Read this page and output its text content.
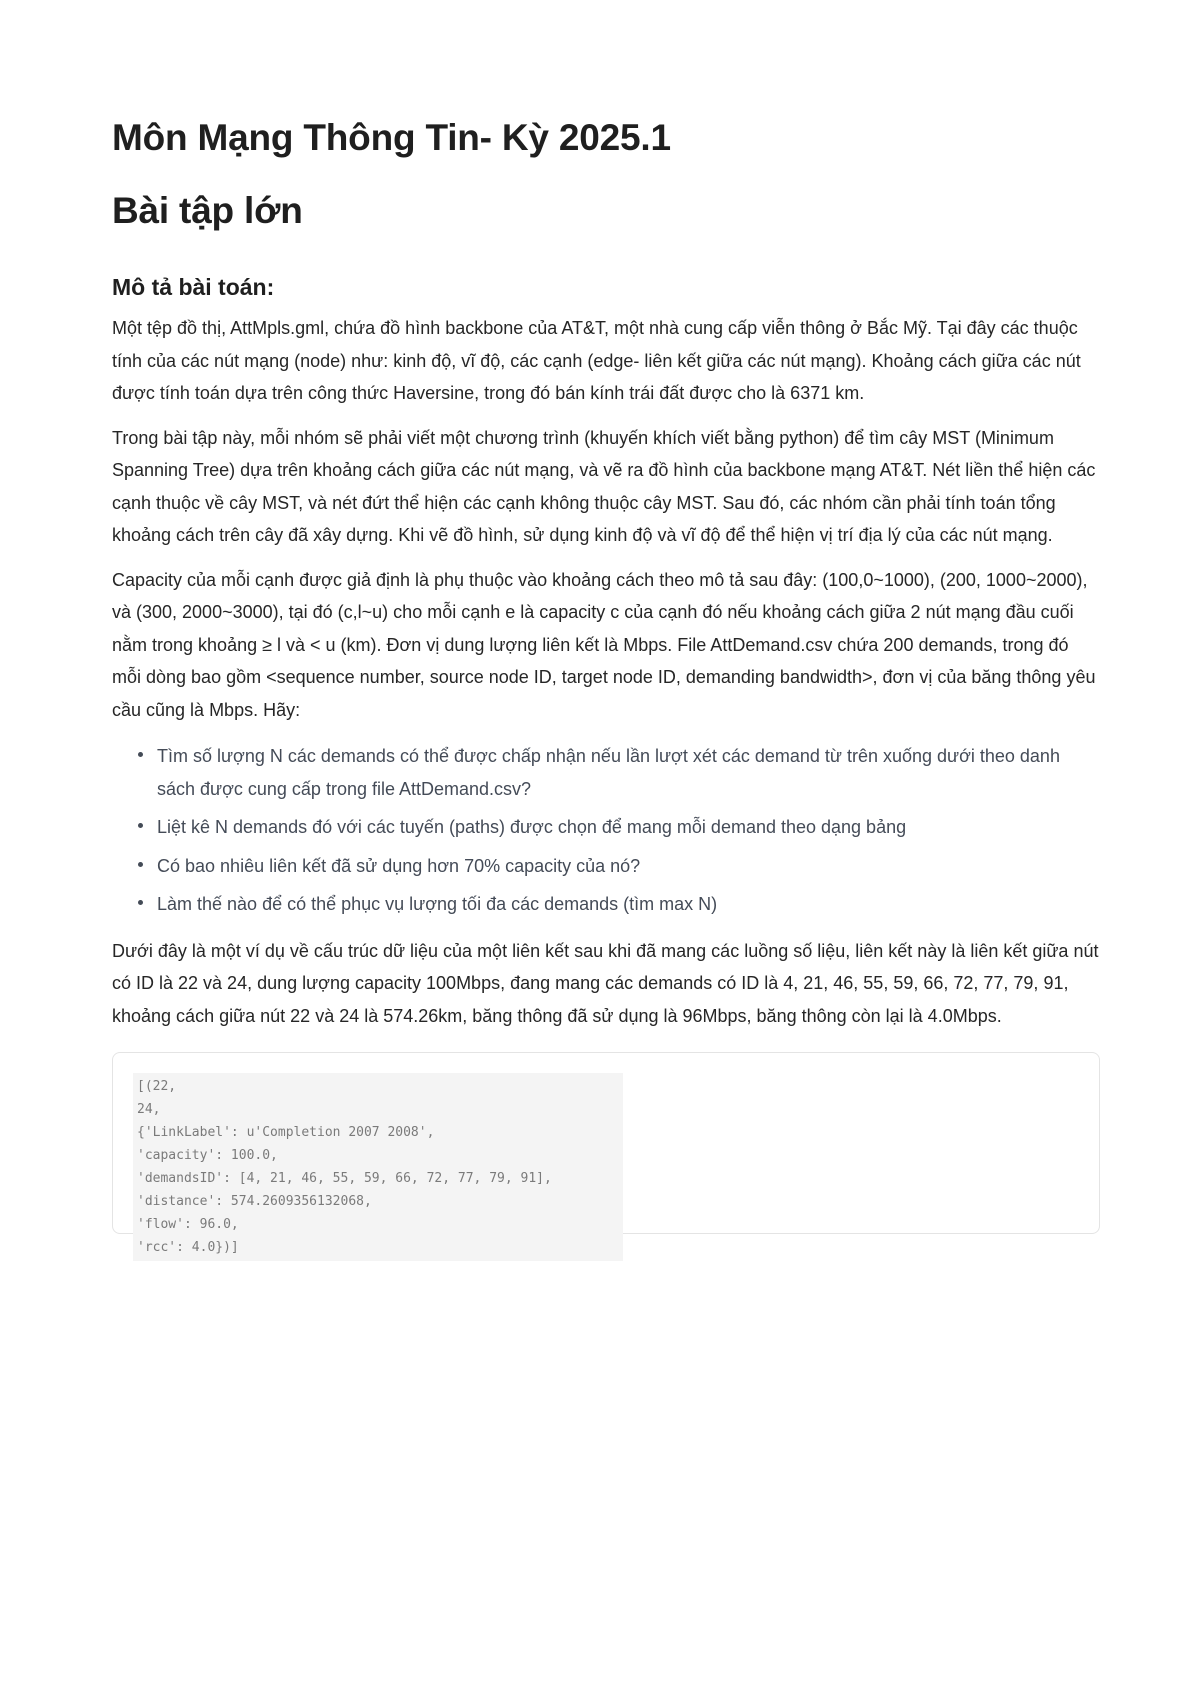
Môn Mạng Thông Tin- Kỳ 2025.1
Bài tập lớn
Mô tả bài toán:

Một tệp đồ thị, AttMpls.gml, chứa đồ hình backbone của AT&T, một nhà cung cấp viễn thông ở Bắc Mỹ. Tại đây các thuộc tính của các nút mạng (node) như: kinh độ, vĩ độ, các cạnh (edge- liên kết giữa các nút mạng). Khoảng cách giữa các nút được tính toán dựa trên công thức Haversine, trong đó bán kính trái đất được cho là 6371 km.

Trong bài tập này, mỗi nhóm sẽ phải viết một chương trình (khuyến khích viết bằng python) để tìm cây MST (Minimum Spanning Tree) dựa trên khoảng cách giữa các nút mạng, và vẽ ra đồ hình của backbone mạng AT&T. Nét liền thể hiện các cạnh thuộc về cây MST, và nét đứt thể hiện các cạnh không thuộc cây MST. Sau đó, các nhóm cần phải tính toán tổng khoảng cách trên cây đã xây dựng. Khi vẽ đồ hình, sử dụng kinh độ và vĩ độ để thể hiện vị trí địa lý của các nút mạng.

Capacity của mỗi cạnh được giả định là phụ thuộc vào khoảng cách theo mô tả sau đây: (100,0~1000), (200, 1000~2000), và (300, 2000~3000), tại đó (c,l~u) cho mỗi cạnh e là capacity c của cạnh đó nếu khoảng cách giữa 2 nút mạng đầu cuối nằm trong khoảng ≥ l và < u (km). Đơn vị dung lượng liên kết là Mbps. File AttDemand.csv chứa 200 demands, trong đó mỗi dòng bao gồm <sequence number, source node ID, target node ID, demanding bandwidth>, đơn vị của băng thông yêu cầu cũng là Mbps. Hãy:

Tìm số lượng N các demands có thể được chấp nhận nếu lần lượt xét các demand từ trên xuống dưới theo danh sách được cung cấp trong file AttDemand.csv?
Liệt kê N demands đó với các tuyến (paths) được chọn để mang mỗi demand theo dạng bảng
Có bao nhiêu liên kết đã sử dụng hơn 70% capacity của nó?
Làm thế nào để có thể phục vụ lượng tối đa các demands (tìm max N)

Dưới đây là một ví dụ về cấu trúc dữ liệu của một liên kết sau khi đã mang các luồng số liệu, liên kết này là liên kết giữa nút có ID là 22 và 24, dung lượng capacity 100Mbps, đang mang các demands có ID là 4, 21, 46, 55, 59, 66, 72, 77, 79, 91, khoảng cách giữa nút 22 và 24 là 574.26km, băng thông đã sử dụng là 96Mbps, băng thông còn lại là 4.0Mbps.

[(22,
24,
{'LinkLabel': u'Completion 2007 2008',
'capacity': 100.0,
'demandsID': [4, 21, 46, 55, 59, 66, 72, 77, 79, 91],
'distance': 574.2609356132068,
'flow': 96.0,
'rcc': 4.0})]
